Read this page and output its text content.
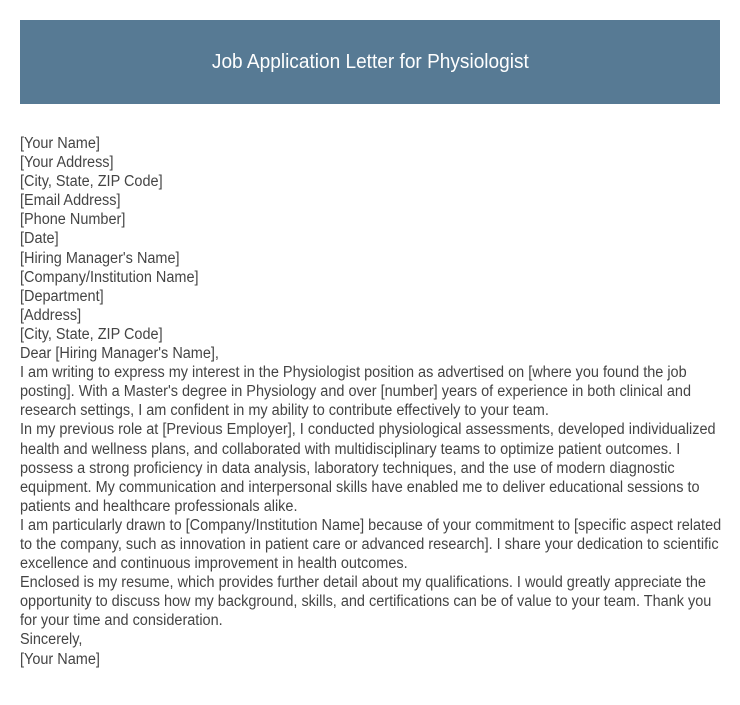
Job Application Letter for Physiologist
[Your Name]
[Your Address]
[City, State, ZIP Code]
[Email Address]
[Phone Number]
[Date]
[Hiring Manager's Name]
[Company/Institution Name]
[Department]
[Address]
[City, State, ZIP Code]
Dear [Hiring Manager's Name],
I am writing to express my interest in the Physiologist position as advertised on [where you found the job posting]. With a Master's degree in Physiology and over [number] years of experience in both clinical and research settings, I am confident in my ability to contribute effectively to your team.
In my previous role at [Previous Employer], I conducted physiological assessments, developed individualized health and wellness plans, and collaborated with multidisciplinary teams to optimize patient outcomes. I possess a strong proficiency in data analysis, laboratory techniques, and the use of modern diagnostic equipment. My communication and interpersonal skills have enabled me to deliver educational sessions to patients and healthcare professionals alike.
I am particularly drawn to [Company/Institution Name] because of your commitment to [specific aspect related to the company, such as innovation in patient care or advanced research]. I share your dedication to scientific excellence and continuous improvement in health outcomes.
Enclosed is my resume, which provides further detail about my qualifications. I would greatly appreciate the opportunity to discuss how my background, skills, and certifications can be of value to your team. Thank you for your time and consideration.
Sincerely,
[Your Name]
